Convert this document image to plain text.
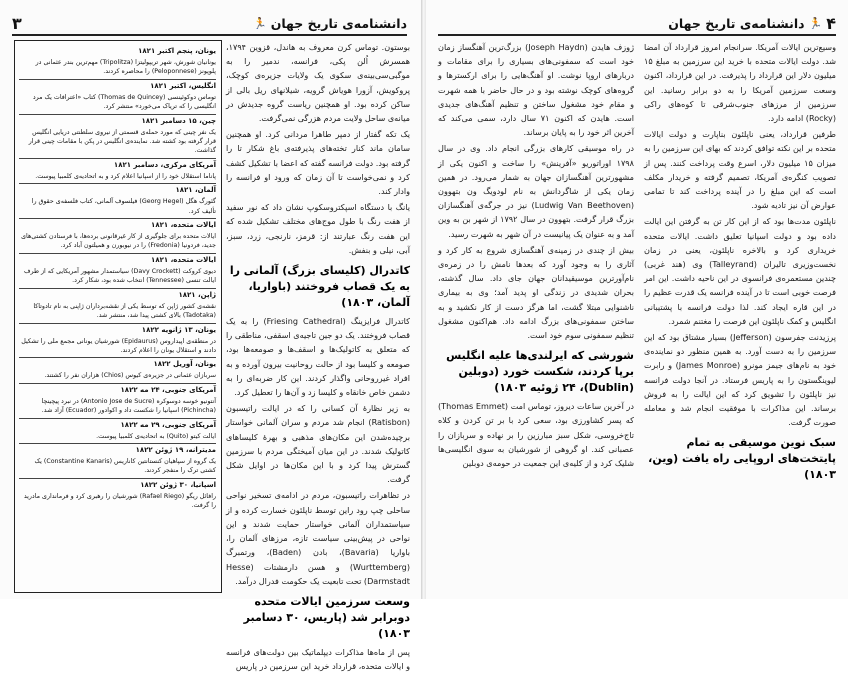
دانشنامه‌ی تاریخ جهان
🏃
۳

بوستون. توماس کرن معروف به هاندل، قزوین ۱۷۹۴، همسرش اُلن پکی، فرانسه، ندمیر را به موگبی‌سی‌بینه‌ی سکوی یک ولایات جزیره‌ی کوچک، پروکویش، آزورا هویاش گرویه، شیلانهای ریل بالی از ساکن کرده بود. او همچنین ریاست گروه جدیدش در میانه‌ی ساحل ولایت مردم هزرگی نمی‌گرفت.

یک تکه گفتار از دمپر طاهرا مردانی کرد. او همچنین سامان ماند کنار تخته‌های پذیرفته‌ی باغ شکار تا را گرفته بود. دولت فرانسه گفته که اعضا با تشکیل کشف کرد و نمی‌خواست تا آن زمان که ورود او فرانسه را وادار کند.

یانگ با دستگاه اسپکتروسکوپ نشان داد که نور سفید از هفت رنگ با طول موج‌های مختلف تشکیل شده که این هفت رنگ عبارتند از: قرمز، نارنجی، زرد، سبز، آبی، نیلی و بنفش.

کاتدرال (کلیسای بزرگ) آلمانی را به یک قصاب فروختند (باواریا، آلمان، ۱۸۰۳)

کاتدرال فرایزینگ (Friesing Cathedral) را به یک قصاب فروختند. یک دو جین تاجیه‌ی اسقفی، مناطقی را که متعلق به کاتولیک‌ها و اسقف‌ها و صومعه‌ها بود، صومعه و کلیسا بود از حالت روحانیت بیرون آورده و به افراد غیرروحانی واگذار کردند. این کار ضربه‌ای را به دشمن خاص خانقاه و کلیسا زد و آن‌ها را تعطیل کرد.

به زیر نظارهٔ آن کسانی را که در ایالت راتیسبون (Ratisbon) انجام شد مردم و سران آلمانی خواستار برچیده‌شدن این مکان‌های مذهبی و بهرهٔ کلیساهای کاتولیک شدند. در این میان آمیختگی مردم با سرزمین گسترش پیدا کرد و با این مکان‌ها در اوایل شکل گرفت.

در تظاهرات راتیسبون، مردم در ادامه‌ی تسخیر نواحی ساحلی چپ رود راین توسط ناپلئون خسارت کرده و از سیاستمداران آلمانی خواستار حمایت شدند و این نواحی در پیش‌بینی سیاست تازه، مرزهای آلمان را، باواریا (Bavaria)، بادن (Baden)، ورتمبرگ (Wurttemberg) و هسن دارمشتات (Hesse Darmstadt) تحت تابعیت یک حکومت فدرال درآمد.

وسعت سرزمین ایالات متحده دوبرابر شد (پاریس، ۳۰ دسامبر ۱۸۰۳)

پس از ماه‌ها مذاکرات دیپلماتیک بین دولت‌های فرانسه و ایالات متحده، قرارداد خرید این سرزمین در پاریس

یونان، پنجم اکتبر ۱۸۲۱
یونانیان شورش، شهر تریپولیتزا (Tripolitza) مهم‌ترین بندر عثمانی در پلوپونز (Peloponnese) را محاصره کردند.
انگلیس، اکتبر ۱۸۲۱
توماس دوکوئینسی (Thomas de Quincey) کتاب «اعترافات یک مرد انگلیسی را که تریاک می‌خورد» منتشر کرد.
چین، ۱۵ دسامبر ۱۸۲۱
یک نفر چینی که مورد حمله‌ی قسمتی از نیروی سلطنتی دریایی انگلیس قرار گرفته بود کشته شد. نماینده‌ی انگلیس در پکن با مقامات چینی قرار گذاشت.
آمریکای مرکزی، دسامبر ۱۸۲۱
پاناما استقلال خود را از اسپانیا اعلام کرد و به اتحادیه‌ی کلمبیا پیوست.
آلمان، ۱۸۲۱
گئورگ هگل (Georg Hegel) فیلسوف آلمانی، کتاب فلسفه‌ی حقوق را تألیف کرد.
ایالات متحده، ۱۸۲۱
ایالات متحده برای جلوگیری از کار غیرقانونی برده‌ها، با فرستادن کشتی‌های جدید، فردونیا (Fredonia) را در نیوبورن و همیلتون آباد کرد.
ایالات متحده، ۱۸۲۱
دیوی کروکت (Davy Crockett) سیاستمدار مشهور آمریکایی که از طرف ایالت تنسی (Tennessee) انتخاب شده بود، شکار کرد.
ژاپن، ۱۸۲۱
نقشه‌ی کشور ژاپن که توسط یکی از نقشه‌برداران ژاپنی به نام تادوتاکا (Tadotaka) بالای کشتی پیدا شد، منتشر شد.
یونان، ۱۳ ژانویه ۱۸۲۲
در منطقه‌ی اپیداروس (Epidaurus) شورشیان یونانی مجمع ملی را تشکیل دادند و استقلال یونان را اعلام کردند.
یونان، آوریل ۱۸۲۲
سربازان عثمانی در جزیره‌ی کیوس (Chios) هزاران نفر را کشتند.
آمریکای جنوبی، ۲۴ مه ۱۸۲۲
آنتونیو خوسه دوسوکره (Antonio Jose de Sucre) در نبرد پیچینچا (Pichincha) اسپانیا را شکست داد و اکوادور (Ecuador) آزاد شد.
آمریکای جنوبی، ۲۹ مه ۱۸۲۲
ایالت کیتو (Quito) به اتحادیه‌ی کلمبیا پیوست.
مدیترانه، ۱۹ ژوئن ۱۸۲۲
یک گروه از سپاهیان کنستانتین کاناریس (Constantine Kanaris) یک کشتی ترک را منفجر کردند.
اسپانیا، ۳۰ ژوئن ۱۸۲۲
رافائل ریگو (Rafael Riego) شورشیان را رهبری کرد و فرمانداری مادرید را گرفت.
۴
🏃
دانشنامه‌ی تاریخ جهان

وسیع‌ترین ایالات آمریکا. سرانجام امروز قرارداد آن امضا شد. دولت ایالات متحده با خرید این سرزمین به مبلغ ۱۵ میلیون دلار این قرارداد را پذیرفت. در این قرارداد، اکنون وسعت سرزمین آمریکا را به دو برابر رسانید. این سرزمین از مرزهای جنوب‌شرقی تا کوه‌های راکی (Rocky) ادامه دارد.

طرفین قرارداد، یعنی ناپلئون بناپارت و دولت ایالات متحده بر این نکته توافق کردند که بهای این سرزمین را به میزان ۱۵ میلیون دلار، اسرع وقت پرداخت کنند. پس از تصویب کنگره‌ی آمریکا، تصمیم گرفته و خریدار مکلف است که این مبلغ را در آینده پرداخت کند تا تمامی عوارض آن نیز تادیه شود.

ناپلئون مدت‌ها بود که از این کار تن به گرفتن این ایالت داده بود و دولت اسپانیا تعلیق داشت. ایالات متحده خریداری کرد و بالاخره ناپلئون، یعنی در زمان نخست‌وزیری تالیران (Talleyrand) وی (هند غربی) چندین مستعمره‌ی فرانسوی در این ناحیه داشت. این امر فرصت خوبی است تا در آینده فرانسه یک قدرت عظیم را در این قاره ایجاد کند. لذا دولت فرانسه با پشتیبانی انگلیس و کمک ناپلئون این فرصت را مغتنم شمرد.

پرزیدنت جفرسون (Jefferson) بسیار مشتاق بود که این سرزمین را به دست آورد. به همین منظور دو نماینده‌ی خود به نام‌های جیمز مونرو (James Monroe) و رابرت لیوینگستون را به پاریس فرستاد. در آنجا دولت فرانسه نیز ناپلئون را تشویق کرد که این ایالت را به فروش برساند. این مذاکرات با موفقیت انجام شد و معامله صورت گرفت.

سبک نوین موسیقی به تمام پایتخت‌های اروپایی راه یافت (وین، ۱۸۰۳)

ژوزف هایدن (Joseph Haydn) بزرگ‌ترین آهنگساز زمان خود است که سمفونی‌های بسیاری را برای مقامات و دربارهای اروپا نوشت. او آهنگ‌هایی را برای ارکسترها و گروه‌های کوچک نوشته بود و در حال حاضر با همه شهرت و مقام خود مشغول ساختن و تنظیم آهنگ‌های جدیدی است. هایدن که اکنون ۷۱ سال دارد، سمی می‌کند که آخرین اثر خود را به پایان برساند.

در راه موسیقی کارهای بزرگی انجام داد. وی در سال ۱۷۹۸ اوراتوریو «آفرینش» را ساخت و اکنون یکی از مشهورترین آهنگسازان جهان به شمار می‌رود. در همین زمان یکی از شاگردانش به نام لودویگ ون بتهوون (Ludwig Van Beethoven) نیز در جرگه‌ی آهنگسازان بزرگ قرار گرفت. بتهوون در سال ۱۷۹۲ از شهر بن به وین آمد و به عنوان یک پیانیست در آن شهر به شهرت رسید.

بیش از چندی در زمینه‌ی آهنگسازی شروع به کار کرد و آثاری را به وجود آورد که بعدها نامش را در زمره‌ی نام‌آورترین موسیقیدانان جهان جای داد. سال گذشته، بحران شدیدی در زندگی او پدید آمد؛ وی به بیماری ناشنوایی مبتلا گشت، اما هرگز دست از کار نکشید و به ساختن سمفونی‌های بزرگ ادامه داد. هم‌اکنون مشغول تنظیم سمفونی سوم خود است.

شورشی که ایرلندی‌ها علیه انگلیس برپا کردند، شکست خورد (دوبلین (Dublin)، ۲۴ ژوئیه ۱۸۰۳)

در آخرین ساعات دیروز، توماس امت (Thomas Emmet) که پسر کشاورزی بود، سعی کرد با بر تن کردن و کلاه تاج‌خروسی، شکل سبز مبارزین را بر نهاده و سربازان را عصبانی کند. او گروهی از شورشیان به سوی انگلیسی‌ها شلیک کرد و از کلیه‌ی این جمعیت در حومه‌ی دوبلین
